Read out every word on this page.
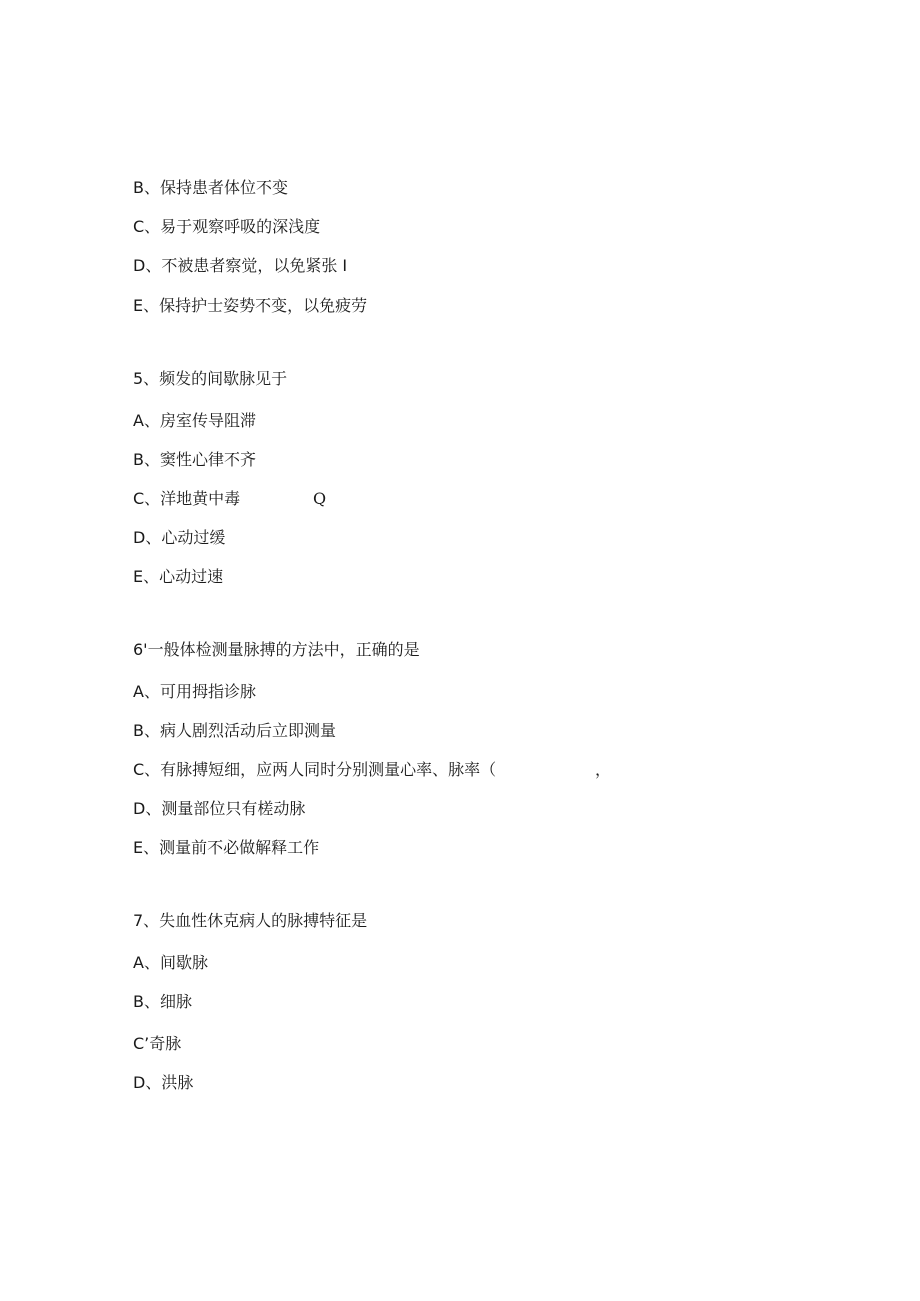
B、保持患者体位不变
C、易于观察呼吸的深浅度
D、不被患者察觉，以免紧张 I
E、保持护士姿势不变，以免疲劳
5、频发的间歇脉见于
A、房室传导阻滞
B、窦性心律不齐
C、洋地黄中毒	Q
D、心动过缓
E、心动过速
6'一般体检测量脉搏的方法中，正确的是
A、可用拇指诊脉
B、病人剧烈活动后立即测量
C、有脉搏短细，应两人同时分别测量心率、脉率（	，
D、测量部位只有槎动脉
E、测量前不必做解释工作
7、失血性休克病人的脉搏特征是
A、间歇脉
B、细脉
C’奇脉
D、洪脉
